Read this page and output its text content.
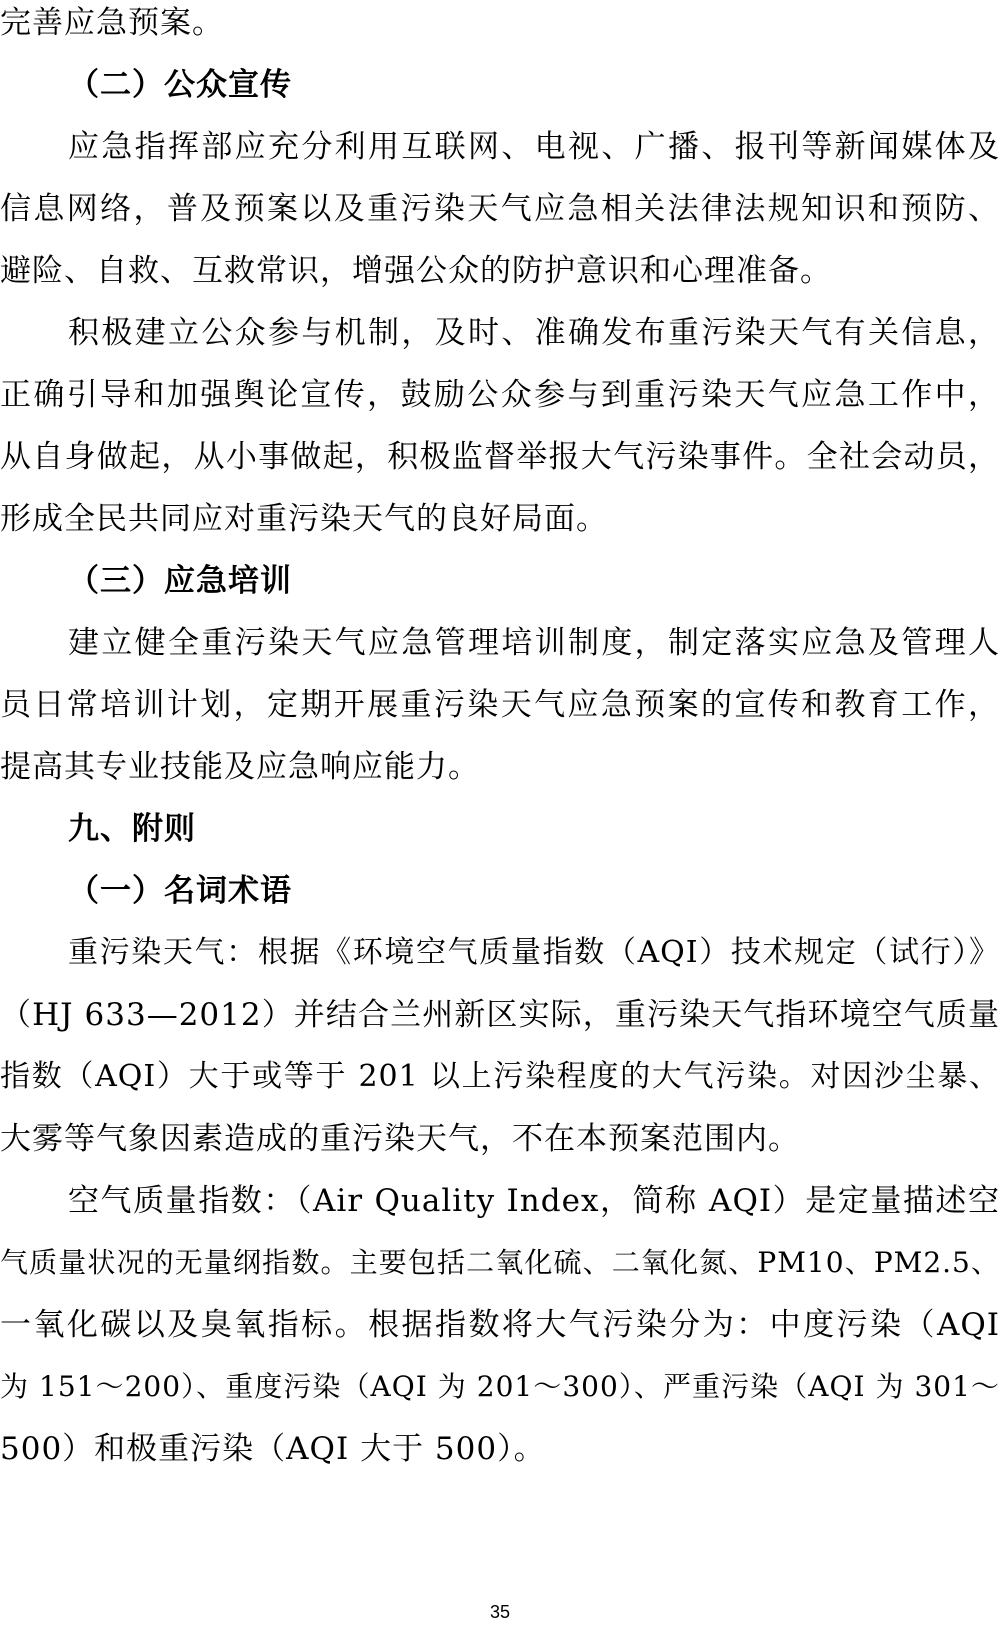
完善应急预案。
（二）公众宣传
应急指挥部应充分利用互联网、电视、广播、报刊等新闻媒体及
信息网络，普及预案以及重污染天气应急相关法律法规知识和预防、
避险、自救、互救常识，增强公众的防护意识和心理准备。
积极建立公众参与机制，及时、准确发布重污染天气有关信息，
正确引导和加强舆论宣传，鼓励公众参与到重污染天气应急工作中，
从自身做起，从小事做起，积极监督举报大气污染事件。全社会动员，
形成全民共同应对重污染天气的良好局面。
（三）应急培训
建立健全重污染天气应急管理培训制度，制定落实应急及管理人
员日常培训计划，定期开展重污染天气应急预案的宣传和教育工作，
提高其专业技能及应急响应能力。
九、附则
（一）名词术语
重污染天气：根据《环境空气质量指数（AQI）技术规定（试行）》
（HJ 633—2012）并结合兰州新区实际，重污染天气指环境空气质量
指数（AQI）大于或等于 201 以上污染程度的大气污染。对因沙尘暴、
大雾等气象因素造成的重污染天气，不在本预案范围内。
空气质量指数：（Air Quality Index，简称 AQI）是定量描述空
气质量状况的无量纲指数。主要包括二氧化硫、二氧化氮、PM10、PM2.5、
一氧化碳以及臭氧指标。根据指数将大气污染分为：中度污染（AQI
为 151～200）、重度污染（AQI 为 201～300）、严重污染（AQI 为 301～
500）和极重污染（AQI 大于 500）。
35
